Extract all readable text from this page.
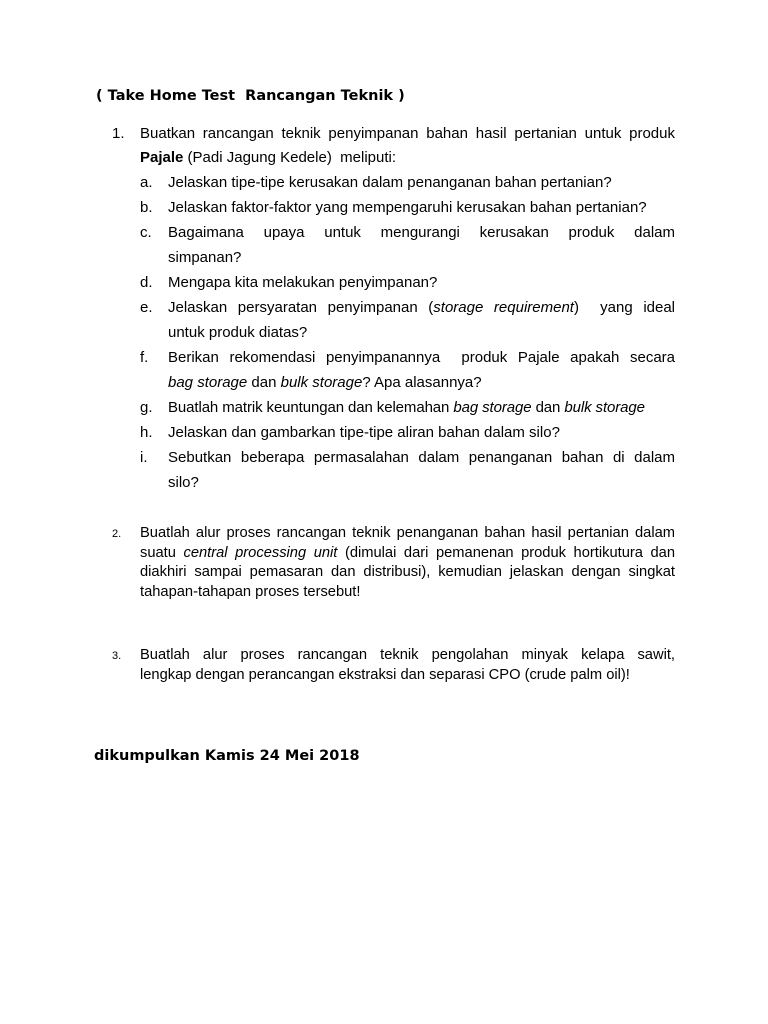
( Take Home Test  Rancangan Teknik )
1.	Buatkan rancangan teknik penyimpanan bahan hasil pertanian untuk produk
Pajale (Padi Jagung Kedele)  meliputi:
a.	Jelaskan tipe-tipe kerusakan dalam penanganan bahan pertanian?
b.	Jelaskan faktor-faktor yang mempengaruhi kerusakan bahan pertanian?
c.	Bagaimana upaya untuk mengurangi kerusakan produk dalam
simpanan?
d.	Mengapa kita melakukan penyimpanan?
e.	Jelaskan persyaratan penyimpanan (storage requirement)  yang ideal
untuk produk diatas?
f.	Berikan rekomendasi penyimpanannya  produk Pajale apakah secara
bag storage dan bulk storage? Apa alasannya?
g.	Buatlah matrik keuntungan dan kelemahan bag storage dan bulk storage
h.	Jelaskan dan gambarkan tipe-tipe aliran bahan dalam silo?
i.	Sebutkan beberapa permasalahan dalam penanganan bahan di dalam
silo?
2.	Buatlah alur proses rancangan teknik penanganan bahan hasil pertanian dalam
suatu central processing unit (dimulai dari pemanenan produk hortikutura dan
diakhiri sampai pemasaran dan distribusi), kemudian jelaskan dengan singkat
tahapan-tahapan proses tersebut!
3.	Buatlah alur proses rancangan teknik pengolahan minyak kelapa sawit,
lengkap dengan perancangan ekstraksi dan separasi CPO (crude palm oil)!
dikumpulkan Kamis 24 Mei 2018
